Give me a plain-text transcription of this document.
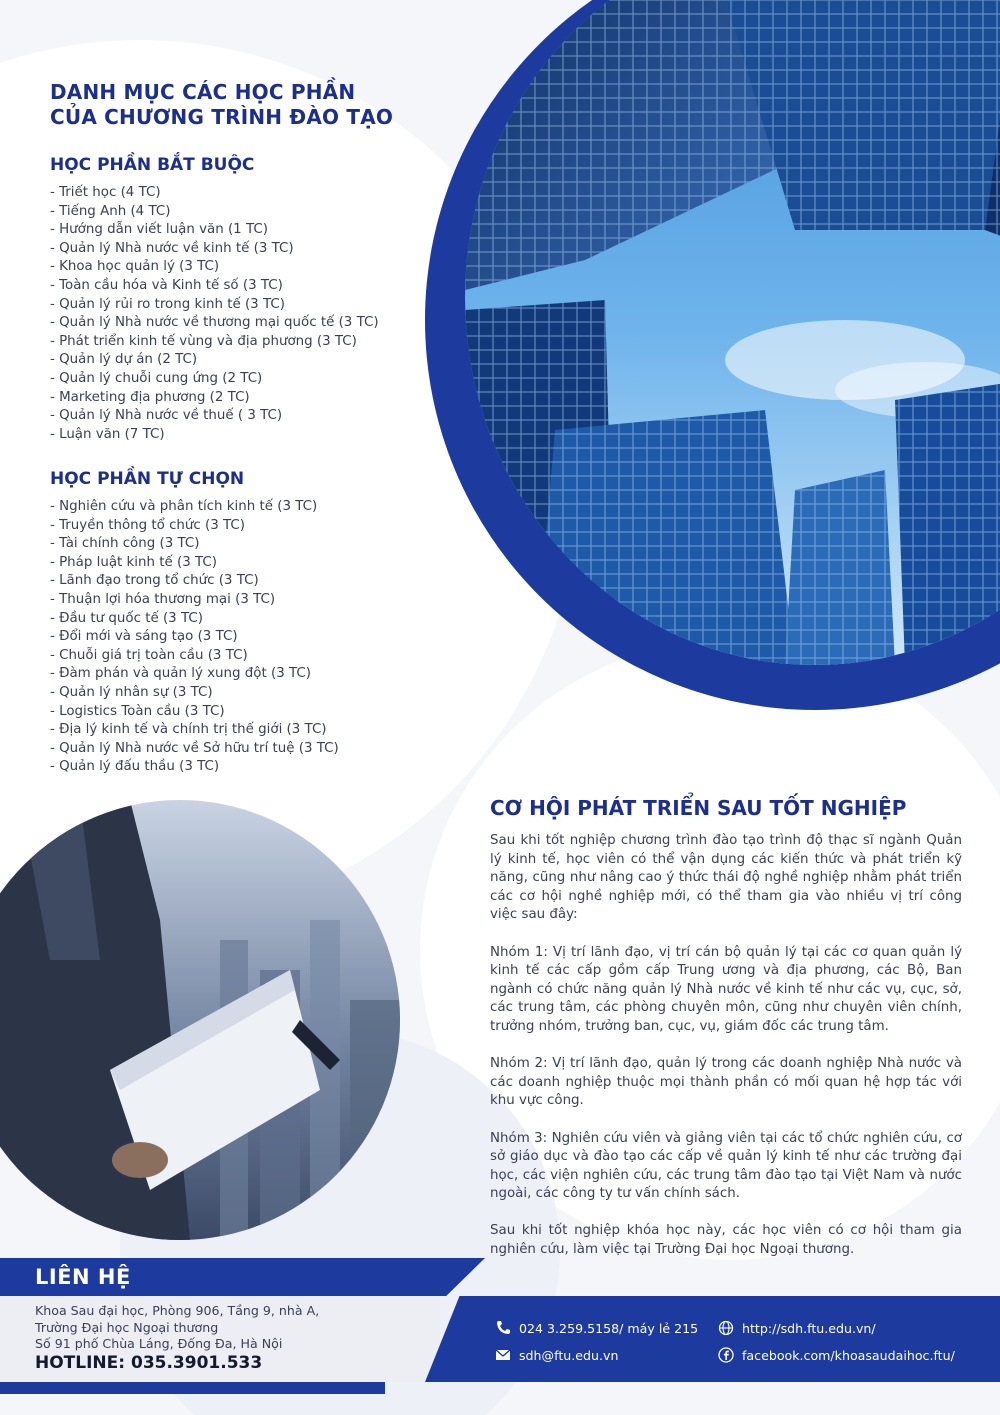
DANH MỤC CÁC HỌC PHẦN
CỦA CHƯƠNG TRÌNH ĐÀO TẠO
HỌC PHẦN BẮT BUỘC
- Triết học (4 TC)
- Tiếng Anh (4 TC)
- Hướng dẫn viết luận văn (1 TC)
- Quản lý Nhà nước về kinh tế (3 TC)
- Khoa học quản lý (3 TC)
- Toàn cầu hóa và Kinh tế số (3 TC)
- Quản lý rủi ro trong kinh tế (3 TC)
- Quản lý Nhà nước về thương mại quốc tế (3 TC)
- Phát triển kinh tế vùng và địa phương (3 TC)
- Quản lý dự án (2 TC)
- Quản lý chuỗi cung ứng (2 TC)
- Marketing địa phương (2 TC)
- Quản lý Nhà nước về thuế ( 3 TC)
- Luận văn (7 TC)
HỌC PHẦN TỰ CHỌN
- Nghiên cứu và phân tích kinh tế (3 TC)
- Truyền thông tổ chức (3 TC)
- Tài chính công (3 TC)
- Pháp luật kinh tế (3 TC)
- Lãnh đạo trong tổ chức (3 TC)
- Thuận lợi hóa thương mại (3 TC)
- Đầu tư quốc tế (3 TC)
- Đổi mới và sáng tạo (3 TC)
- Chuỗi giá trị toàn cầu (3 TC)
- Đàm phán và quản lý xung đột (3 TC)
- Quản lý nhân sự (3 TC)
- Logistics Toàn cầu (3 TC)
- Địa lý kinh tế và chính trị thế giới (3 TC)
- Quản lý Nhà nước về Sở hữu trí tuệ (3 TC)
- Quản lý đấu thầu (3 TC)
CƠ HỘI PHÁT TRIỂN SAU TỐT NGHIỆP

Sau khi tốt nghiệp chương trình đào tạo trình độ thạc sĩ ngành Quản lý kinh tế, học viên có thể vận dụng các kiến thức và phát triển kỹ năng, cũng như nâng cao ý thức thái độ nghề nghiệp nhằm phát triển các cơ hội nghề nghiệp mới, có thể tham gia vào nhiều vị trí công việc sau đây:

Nhóm 1: Vị trí lãnh đạo, vị trí cán bộ quản lý tại các cơ quan quản lý kinh tế các cấp gồm cấp Trung ương và địa phương, các Bộ, Ban ngành có chức năng quản lý Nhà nước về kinh tế như các vụ, cục, sở, các trung tâm, các phòng chuyên môn, cũng như chuyên viên chính, trưởng nhóm, trưởng ban, cục, vụ, giám đốc các trung tâm.

Nhóm 2: Vị trí lãnh đạo, quản lý trong các doanh nghiệp Nhà nước và các doanh nghiệp thuộc mọi thành phần có mối quan hệ hợp tác với khu vực công.

Nhóm 3: Nghiên cứu viên và giảng viên tại các tổ chức nghiên cứu, cơ sở giáo dục và đào tạo các cấp về quản lý kinh tế như các trường đại học, các viện nghiên cứu, các trung tâm đào tạo tại Việt Nam và nước ngoài, các công ty tư vấn chính sách.

Sau khi tốt nghiệp khóa học này, các học viên có cơ hội tham gia nghiên cứu, làm việc tại Trường Đại học Ngoại thương.

LIÊN HỆ
Khoa Sau đại học, Phòng 906, Tầng 9, nhà A,
Trường Đại học Ngoại thương
Số 91 phố Chùa Láng, Đống Đa, Hà Nội
HOTLINE: 035.3901.533
024 3.259.5158/ máy lẻ 215
sdh@ftu.edu.vn
http://sdh.ftu.edu.vn/
facebook.com/khoasaudaihoc.ftu/
